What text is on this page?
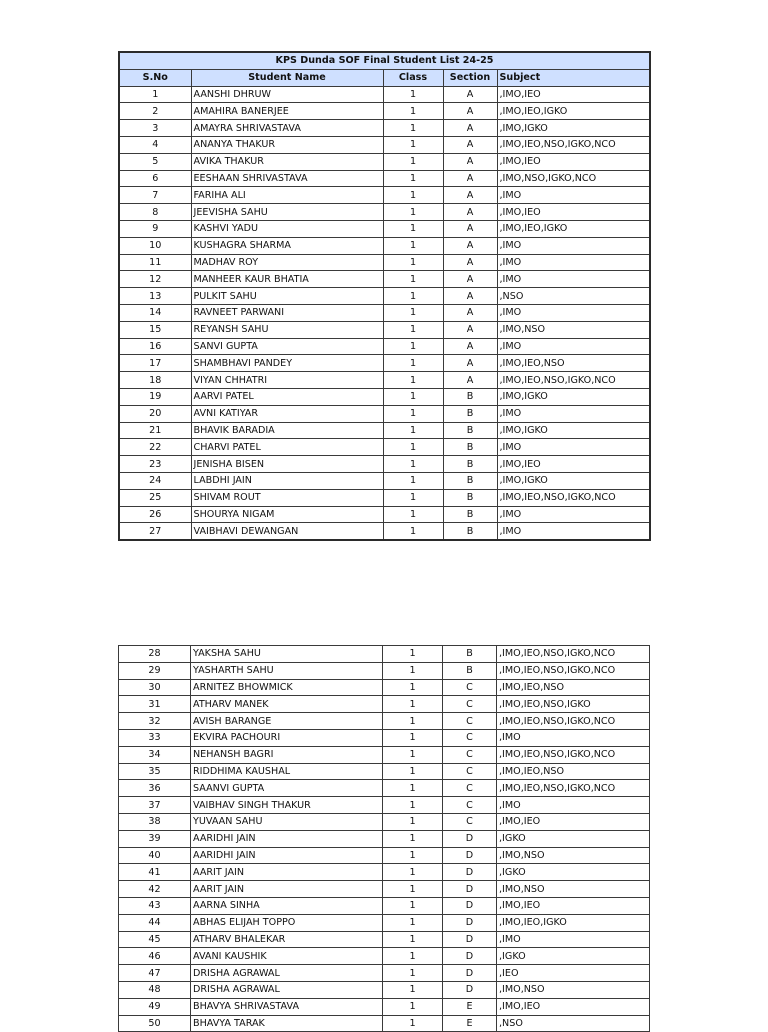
KPS Dunda SOF Final Student List 24-25				
S.No	Student Name	Class	Section	Subject
1	AANSHI DHRUW	1	A	,IMO,IEO
2	AMAHIRA BANERJEE	1	A	,IMO,IEO,IGKO
3	AMAYRA SHRIVASTAVA	1	A	,IMO,IGKO
4	ANANYA THAKUR	1	A	,IMO,IEO,NSO,IGKO,NCO
5	AVIKA THAKUR	1	A	,IMO,IEO
6	EESHAAN SHRIVASTAVA	1	A	,IMO,NSO,IGKO,NCO
7	FARIHA ALI	1	A	,IMO
8	JEEVISHA SAHU	1	A	,IMO,IEO
9	KASHVI YADU	1	A	,IMO,IEO,IGKO
10	KUSHAGRA SHARMA	1	A	,IMO
11	MADHAV ROY	1	A	,IMO
12	MANHEER KAUR BHATIA	1	A	,IMO
13	PULKIT SAHU	1	A	,NSO
14	RAVNEET PARWANI	1	A	,IMO
15	REYANSH SAHU	1	A	,IMO,NSO
16	SANVI GUPTA	1	A	,IMO
17	SHAMBHAVI PANDEY	1	A	,IMO,IEO,NSO
18	VIYAN CHHATRI	1	A	,IMO,IEO,NSO,IGKO,NCO
19	AARVI PATEL	1	B	,IMO,IGKO
20	AVNI KATIYAR	1	B	,IMO
21	BHAVIK BARADIA	1	B	,IMO,IGKO
22	CHARVI PATEL	1	B	,IMO
23	JENISHA BISEN	1	B	,IMO,IEO
24	LABDHI JAIN	1	B	,IMO,IGKO
25	SHIVAM ROUT	1	B	,IMO,IEO,NSO,IGKO,NCO
26	SHOURYA NIGAM	1	B	,IMO
27	VAIBHAVI DEWANGAN	1	B	,IMO
28	YAKSHA SAHU	1	B	,IMO,IEO,NSO,IGKO,NCO
29	YASHARTH SAHU	1	B	,IMO,IEO,NSO,IGKO,NCO
30	ARNITEZ BHOWMICK	1	C	,IMO,IEO,NSO
31	ATHARV MANEK	1	C	,IMO,IEO,NSO,IGKO
32	AVISH BARANGE	1	C	,IMO,IEO,NSO,IGKO,NCO
33	EKVIRA PACHOURI	1	C	,IMO
34	NEHANSH BAGRI	1	C	,IMO,IEO,NSO,IGKO,NCO
35	RIDDHIMA KAUSHAL	1	C	,IMO,IEO,NSO
36	SAANVI GUPTA	1	C	,IMO,IEO,NSO,IGKO,NCO
37	VAIBHAV SINGH THAKUR	1	C	,IMO
38	YUVAAN SAHU	1	C	,IMO,IEO
39	AARIDHI JAIN	1	D	,IGKO
40	AARIDHI JAIN	1	D	,IMO,NSO
41	AARIT JAIN	1	D	,IGKO
42	AARIT JAIN	1	D	,IMO,NSO
43	AARNA SINHA	1	D	,IMO,IEO
44	ABHAS ELIJAH TOPPO	1	D	,IMO,IEO,IGKO
45	ATHARV BHALEKAR	1	D	,IMO
46	AVANI KAUSHIK	1	D	,IGKO
47	DRISHA AGRAWAL	1	D	,IEO
48	DRISHA AGRAWAL	1	D	,IMO,NSO
49	BHAVYA SHRIVASTAVA	1	E	,IMO,IEO
50	BHAVYA TARAK	1	E	,NSO
